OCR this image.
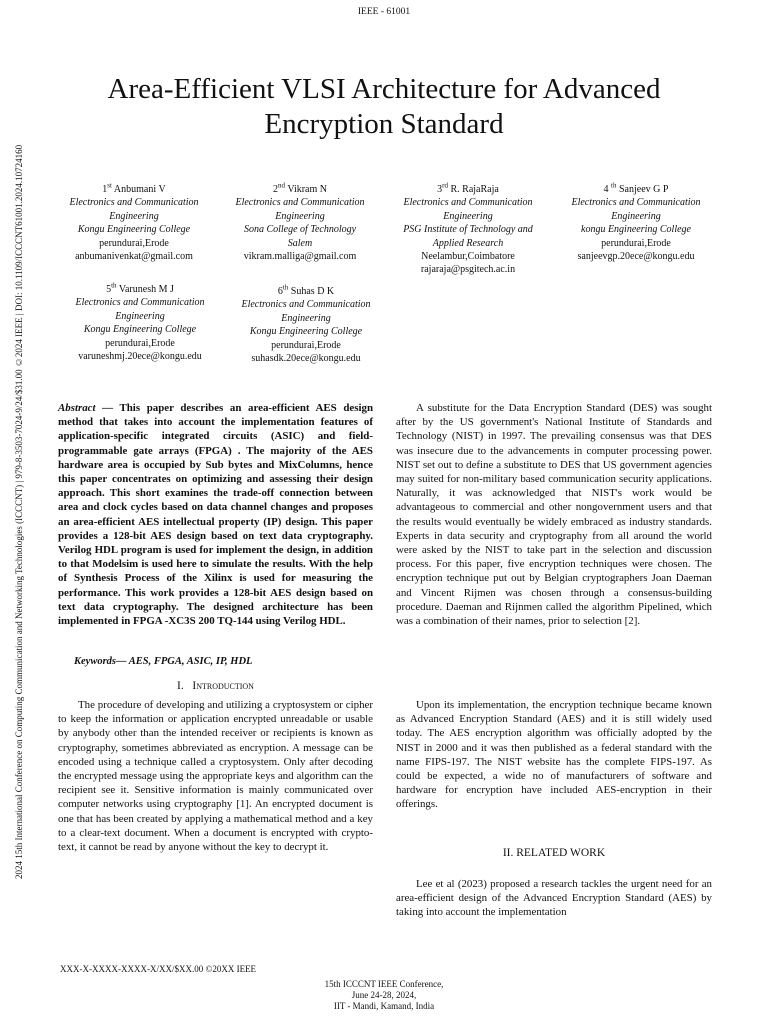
IEEE - 61001
2024 15th International Conference on Computing Communication and Networking Technologies (ICCCNT) | 979-8-3503-7024-9/24/$31.00 ©2024 IEEE | DOI: 10.1109/ICCCNT61001.2024.10724160
Area-Efficient VLSI Architecture for Advanced
Encryption Standard
1st Anbumani V
Electronics and Communication
Engineering
Kongu Engineering College
perundurai,Erode
anbumanivenkat@gmail.com
2nd Vikram N
Electronics and Communication
Engineering
Sona College of Technology
Salem
vikram.malliga@gmail.com
3rd R. RajaRaja
Electronics and Communication
Engineering
PSG Institute of Technology and
Applied Research
Neelambur,Coimbatore
rajaraja@psgitech.ac.in
4 $^{th}$ Sanjeev G P
Electronics and Communication
Engineering
kongu Engineering College
perundurai,Erode
sanjeevgp.20ece@kongu.edu
5th Varunesh M J
Electronics and Communication
Engineering
Kongu Engineering College
perundurai,Erode
varuneshmj.20ece@kongu.edu
6th Suhas D K
Electronics and Communication
Engineering
Kongu Engineering College
perundurai,Erode
suhasdk.20ece@kongu.edu
Abstract — This paper describes an area-efficient AES design method that takes into account the implementation features of application-specific integrated circuits (ASIC) and field-programmable gate arrays (FPGA) . The majority of the AES hardware area is occupied by Sub bytes and MixColumns, hence this paper concentrates on optimizing and assessing their design approach. This short examines the trade-off connection between area and clock cycles based on data channel changes and proposes an area-efficient AES intellectual property (IP) design. This paper provides a 128-bit AES design based on text data cryptography. Verilog HDL program is used for implement the design, in addition to that Modelsim is used here to simulate the results. With the help of Synthesis Process of the Xilinx is used for measuring the performance. This work provides a 128-bit AES design based on text data cryptography. The designed architecture has been implemented in FPGA -XC3S 200 TQ-144 using Verilog HDL.
Keywords— AES, FPGA, ASIC, IP, HDL
I. Introduction

The procedure of developing and utilizing a cryptosystem or cipher to keep the information or application encrypted unreadable or usable by anybody other than the intended receiver or recipients is known as cryptography, sometimes abbreviated as encryption. A message can be encoded using a technique called a cryptosystem. Only after decoding the encrypted message using the appropriate keys and algorithm can the recipient see it. Sensitive information is mainly communicated over computer networks using cryptography [1]. An encrypted document is one that has been created by applying a mathematical method and a key to a clear-text document. When a document is encrypted with crypto-text, it cannot be read by anyone without the key to decrypt it.

A substitute for the Data Encryption Standard (DES) was sought after by the US government's National Institute of Standards and Technology (NIST) in 1997. The prevailing consensus was that DES was insecure due to the advancements in computer processing power. NIST set out to define a substitute to DES that US government agencies may suited for non-military based communication security applications. Naturally, it was acknowledged that NIST's work would be advantageous to commercial and other nongovernment users and that the results would eventually be widely embraced as industry standards. Experts in data security and cryptography from all around the world were asked by the NIST to take part in the selection and discussion process. For this paper, five encryption techniques were chosen. The encryption technique put out by Belgian cryptographers Joan Daeman and Vincent Rijmen was chosen through a consensus-building procedure. Daeman and Rijnmen called the algorithm Pipelined, which was a combination of their names, prior to selection [2].

Upon its implementation, the encryption technique became known as Advanced Encryption Standard (AES) and it is still widely used today. The AES encryption algorithm was officially adopted by the NIST in 2000 and it was then published as a federal standard with the name FIPS-197. The NIST website has the complete FIPS-197. As could be expected, a wide no of manufacturers of software and hardware for encryption have included AES-encryption in their offerings.

II. RELATED WORK

Lee et al (2023) proposed a research tackles the urgent need for an area-efficient design of the Advanced Encryption Standard (AES) by taking into account the implementation

XXX-X-XXXX-XXXX-X/XX/$XX.00 ©20XX IEEE
15th ICCCNT IEEE Conference,
June 24-28, 2024,
IIT - Mandi, Kamand, India
